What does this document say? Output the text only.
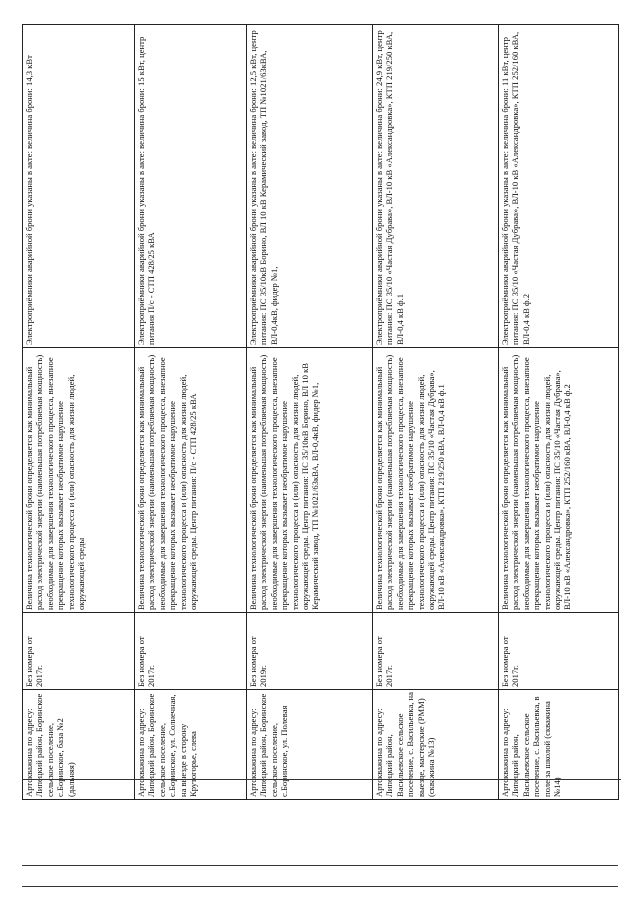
Артскважина по адресу: Липецкий район, Боринское сельское поселение, с.Боринское, база №2 (дальняя)	Без номера от 2017г.	Величина технологической брони определяется как минимальный расход электрической энергии (наименьшая потребляемая мощность) необходимые для завершения технологического процесса, внезапное прекращение которых вызывает необратимое нарушение технологического процесса и (или) опасность для жизни людей, окружающей среды	Электроприёмники аварийной брони указаны в акте: величина брони: 14,3 кВт
Артскважина по адресу: Липецкий район, Боринское сельское поселение, с.Боринское, ул. Солнечная, на выезде в сторону Крутогорье, слева	Без номера от 2017г.	Величина технологической брони определяется как минимальный расход электрической энергии (наименьшая потребляемая мощность) необходимые для завершения технологического процесса, внезапное прекращение которых вызывает необратимое нарушение технологического процесса и (или) опасность для жизни людей, окружающей среды. Центр питания: П/с - СТП 428/25 кВА	Электроприёмники аварийной брони указаны в акте: величина брони: 15 кВт, центр питания П/с - СТП 428/25 кВА
Артскважина по адресу: Липецкий район, Боринское сельское поселение, с.Боринское, ул. Полевая	Без номера от 2019г.	Величина технологической брони определяется как минимальный расход электрической энергии (наименьшая потребляемая мощность) необходимые для завершения технологического процесса, внезапное прекращение которых вызывает необратимое нарушение технологического процесса и (или) опасность для жизни людей, окружающей среды. Центр питания: ПС 35/10кВ Борино, ВЛ 10 кВ Керамический завод, ТП №1021/63кВА, ВЛ-0,4кВ, фидер №1,	Электроприёмники аварийной брони указаны в акте: величина брони: 12,5 кВт, центр питания: ПС 35/10кВ Борино, ВЛ 10 кВ Керамический завод, ТП №1021/63кВА, ВЛ-0,4кВ, фидер №1,
Артскважина по адресу: Липецкий район, Васильевское сельское поселение, с. Васильевка, на выезде, мастерские (РММ) (скважина №13)	Без номера от 2017г.	Величина технологической брони определяется как минимальный расход электрической энергии (наименьшая потребляемая мощность) необходимые для завершения технологического процесса, внезапное прекращение которых вызывает необратимое нарушение технологического процесса и (или) опасность для жизни людей, окружающей среды. Центр питания: ПС 35/10 «Частая Дубрава», ВЛ-10 кВ «Александровка», КТП 219/250 кВА, ВЛ-0,4 кВ ф.1	Электроприёмники аварийной брони указаны в акте: величина брони: 24,9 кВт, центр питания: ПС 35/10 «Частая Дубрава», ВЛ-10 кВ «Александровка», КТП 219/250 кВА, ВЛ-0,4 кВ ф.1
Артскважина по адресу: Липецкий район, Васильевское сельское поселение, с. Васильевка, в поле за школой (скважина №14)	Без номера от 2017г.	Величина технологической брони определяется как минимальный расход электрической энергии (наименьшая потребляемая мощность) необходимые для завершения технологического процесса, внезапное прекращение которых вызывает необратимое нарушение технологического процесса и (или) опасность для жизни людей, окружающей среды. Центр питания: ПС 35/10 «Частая Дубрава», ВЛ-10 кВ «Александровка», КТП 252/160 кВА, ВЛ-0,4 кВ ф.2	Электроприёмники аварийной брони указаны в акте: величина брони: 11 кВт, центр питания: ПС 35/10 «Частая Дубрава», ВЛ-10 кВ «Александровка», КТП 252/160 кВА, ВЛ-0,4 кВ ф.2
